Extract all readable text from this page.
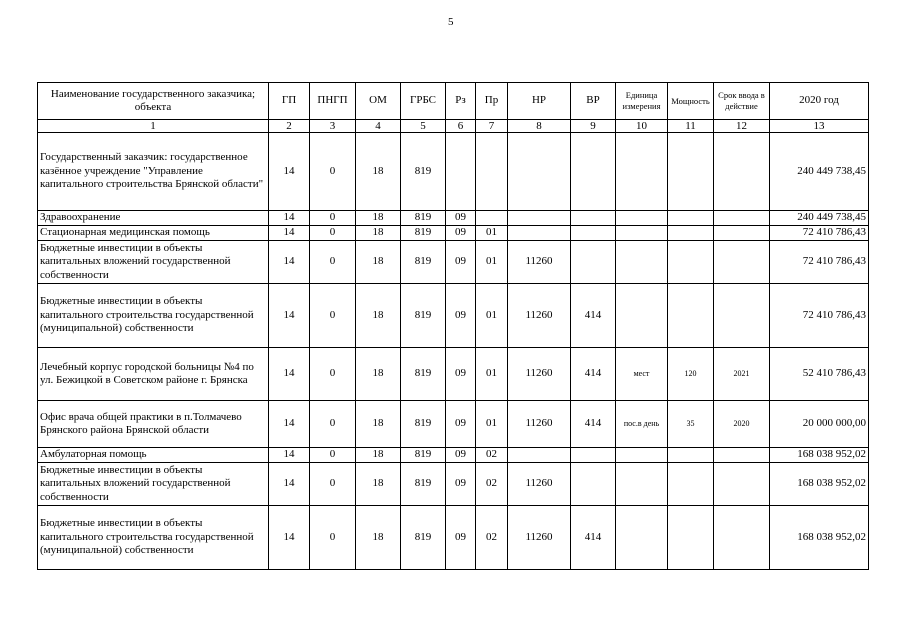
5
Наименование государственного заказчика; объекта	ГП	ПНГП	ОМ	ГРБС	Рз	Пр	НР	ВР	Единица измерения	Мощность	Срок ввода в действие	2020 год
1	2	3	4	5	6	7	8	9	10	11	12	13
Государственный заказчик: государственное казённое учреждение "Управление капитального строительства Брянской области"	14	0	18	819								240 449 738,45
Здравоохранение	14	0	18	819	09							240 449 738,45
Стационарная медицинская помощь	14	0	18	819	09	01						72 410 786,43
Бюджетные инвестиции в объекты капитальных вложений государственной собственности	14	0	18	819	09	01	11260					72 410 786,43
Бюджетные инвестиции в объекты капитального строительства государственной (муниципальной) собственности	14	0	18	819	09	01	11260	414				72 410 786,43
Лечебный корпус городской больницы №4 по ул. Бежицкой в Советском районе г. Брянска	14	0	18	819	09	01	11260	414	мест	120	2021	52 410 786,43
Офис врача общей практики в п.Толмачево Брянского района Брянской области	14	0	18	819	09	01	11260	414	пос.в день	35	2020	20 000 000,00
Амбулаторная помощь	14	0	18	819	09	02						168 038 952,02
Бюджетные инвестиции в объекты капитальных вложений государственной собственности	14	0	18	819	09	02	11260					168 038 952,02
Бюджетные инвестиции в объекты капитального строительства государственной (муниципальной) собственности	14	0	18	819	09	02	11260	414				168 038 952,02
